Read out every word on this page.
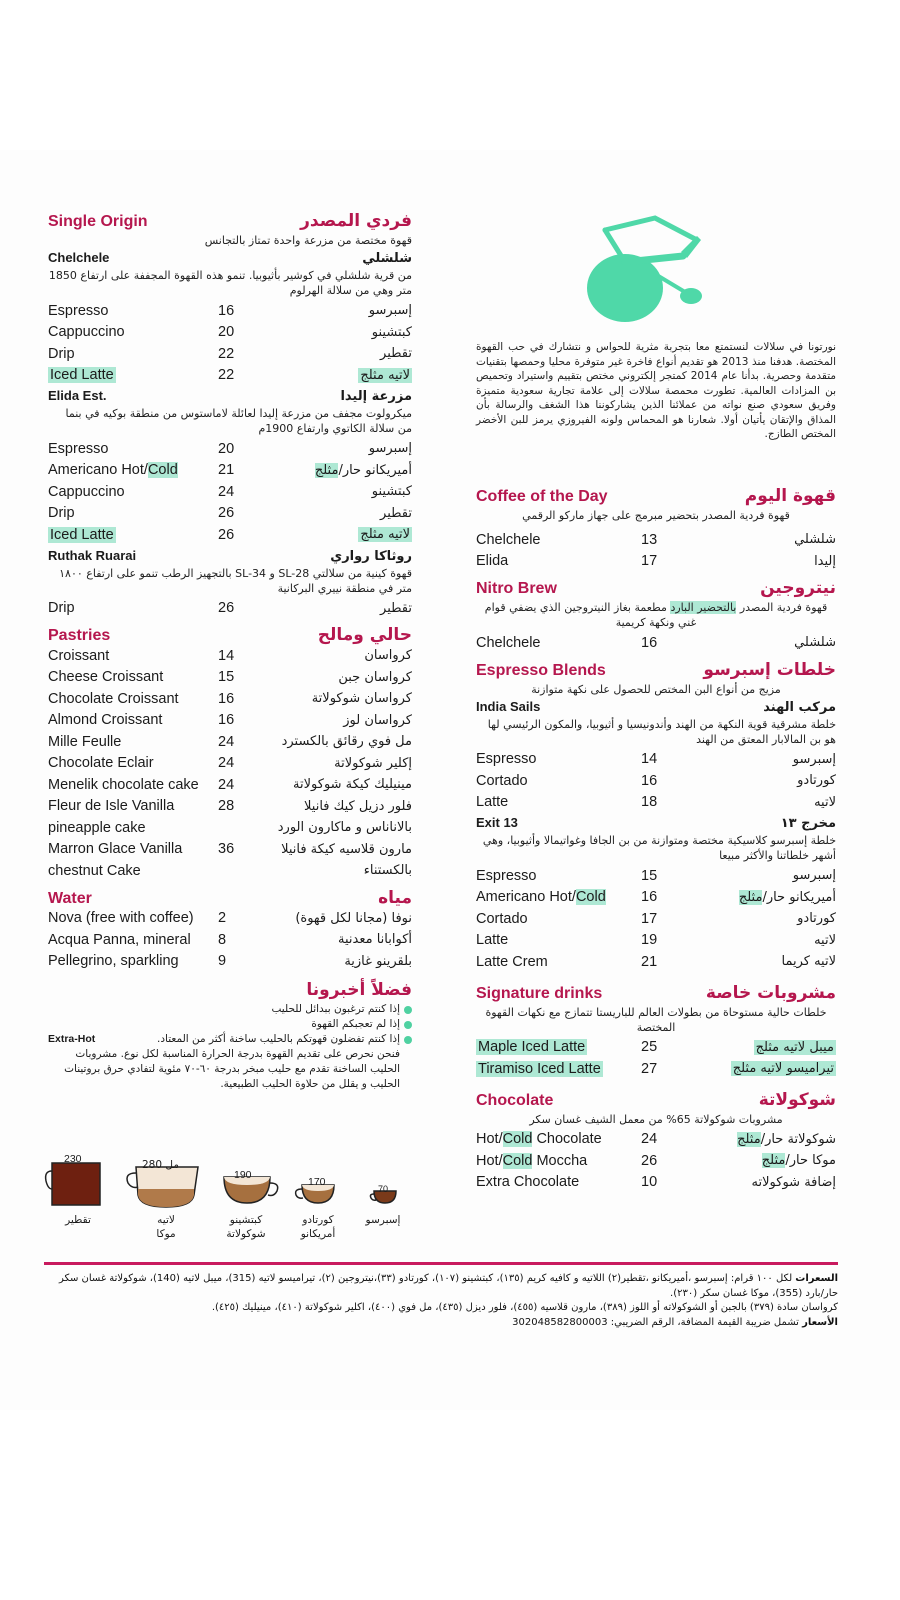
Single Origin	فردي المصدر
قهوة مختصة من مزرعة واحدة تمتاز بالتجانس
Chelchele	شلشلي
من قرية شلشلي في كوشير بأثيوبيا. تنمو هذه القهوة المجففة على ارتفاع 1850 متر وهي من سلالة الهرلوم
Espresso	16	إسبرسو
Cappuccino	20	كبتشينو
Drip	22	تقطير
Iced Latte	22	لاتيه مثلج
Elida Est.	مزرعة إليدا
ميكرولوت مجفف من مزرعة إليدا لعائلة لاماستوس من منطقة بوكيه في بنما من سلالة الكاتوي وارتفاع 1900م
Espresso	20	إسبرسو
Americano Hot/Cold	21	أميريكانو حار/مثلج
Cappuccino	24	كبتشينو
Drip	26	تقطير
Iced Latte	26	لاتيه مثلج
Ruthak Ruarai	روثاكا رواري
قهوة كينية من سلالتي SL-28 و SL-34 بالتجهيز الرطب تنمو على ارتفاع ١٨٠٠ متر في منطقة نييري البركانية
Drip	26	تقطير
Pastries	حالي ومالح
Croissant	14	كرواسان
Cheese Croissant	15	كرواسان جبن
Chocolate Croissant	16	كرواسان شوكولاتة
Almond Croissant	16	كرواسان لوز
Mille Feulle	24	مل فوي رقائق بالكسترد
Chocolate Eclair	24	إكلير شوكولاتة
Menelik chocolate cake	24	مينيليك كيكة شوكولاتة
Fleur de Isle Vanilla	28	فلور دزيل كيك فانيلا
pineapple cake	بالاناناس و ماكارون الورد
Marron Glace Vanilla	36	مارون قلاسيه كيكة فانيلا
chestnut Cake	بالكستناء
Water	مياه
Nova (free with coffee)	2	نوفا (مجانا لكل قهوة)
Acqua Panna, mineral	8	أكوابانا معدنية
Pellegrino, sparkling	9	بلقرينو غازية
فضلاً أخبرونا
إذا كنتم ترغبون ببدائل للحليب
إذا لم تعجبكم القهوة
إذا كنتم تفضلون قهوتكم بالحليب ساخنة أكثر من المعتاد.
Extra-Hot
فنحن نحرص على تقديم القهوة بدرجة الحرارة المناسبة لكل نوع. مشروبات الحليب الساخنة تقدم مع حليب مبخر بدرجة ٦٠-٧٠ مئوية لتفادي حرق بروتينات الحليب و يقلل من حلاوة الحليب الطبيعية.
230	280 مل
190
170
70
تقطير	لاتيه
موكا
كبتشينو
شوكولاتة
كورتادو
أمريكانو
إسبرسو
نورتونا في سلالات لنستمتع معا بتجربة مثرية للحواس و نتشارك في حب القهوة المختصة. هدفنا منذ 2013 هو تقديم أنواع فاخرة غير متوفرة محليا وحمصها بتقنيات متقدمة وحصرية. بدأنا عام 2014 كمتجر إلكتروني مختص بتقييم واستيراد وتحميص بن المزادات العالمية. تطورت محمصة سلالات إلى علامة تجارية سعودية متميزة وفريق سعودي صنع نواته من عملائنا الذين يشاركوننا هذا الشغف والرسالة بأن المذاق والإتقان يأتيان أولا. شعارنا هو المحماس ولونه الفيروزي يرمز للبن الأخضر المختص الطازج.
Coffee of the Day	قهوة اليوم
قهوة فردية المصدر بتحضير مبرمج على جهاز ماركو الرقمي
Chelchele	13	شلشلي
Elida	17	إليدا
Nitro Brew	نيتروجين
قهوة فردية المصدر بالتحضير البارد مطعمة بغاز النيتروجين الذي يضفي قوام غني ونكهة كريمية
Chelchele	16	شلشلي
Espresso Blends	خلطات إسبرسو
مزيج من أنواع البن المختص للحصول على نكهة متوازنة
India Sails	مركب الهند
خلطة مشرقية قوية النكهة من الهند وأندونيسيا و أثيوبيا، والمكون الرئيسي لها هو بن المالابار المعتق من الهند
Espresso	14	إسبرسو
Cortado	16	كورتادو
Latte	18	لاتيه
Exit 13	مخرج ١٣
خلطة إسبرسو كلاسيكية مختصة ومتوازنة من بن الجافا وغواتيمالا وأثيوبيا، وهي أشهر خلطاتنا والأكثر مبيعا
Espresso	15	إسبرسو
Americano Hot/Cold	16	أميريكانو حار/مثلج
Cortado	17	كورتادو
Latte	19	لاتيه
Latte Crem	21	لاتيه كريما
Signature drinks	مشروبات خاصة
خلطات حالية مستوحاة من بطولات العالم للباريستا تتمازج مع نكهات القهوة المختصة
Maple Iced Latte	25	ميبل لاتيه مثلج
Tiramiso Iced Latte	27	تيراميسو لاتيه مثلج
Chocolate	شوكولاتة
مشروبات شوكولاتة 65% من معمل الشيف غسان سكر
Hot/Cold Chocolate	24	شوكولاتة حار/مثلج
Hot/Cold Moccha	26	موكا حار/مثلج
Extra Chocolate	10	إضافة شوكولاته
السعرات لكل ١٠٠ قرام: إسبرسو ،أميريكانو ،تقطير(٢) اللاتيه و كافيه كريم (١٣٥)، كبتشينو (١٠٧)، كورتادو (٣٣)،نيتروجين (٢)، تيراميسو لاتيه (315)، ميبل لاتيه (140)، شوكولاتة غسان سكر حار/بارد (355)، موكا غسان سكر (٢٣٠).
كرواسان سادة (٣٧٩) بالجبن أو الشوكولاته أو اللوز (٣٨٩)، مارون قلاسيه (٤٥٥)، فلور ديزل (٤٣٥)، مل فوي (٤٠٠)، اكلير شوكولاتة (٤١٠)، مينيليك (٤٢٥).
الأسعار تشمل ضريبة القيمة المضافة، الرقم الضريبي: 302048582800003
